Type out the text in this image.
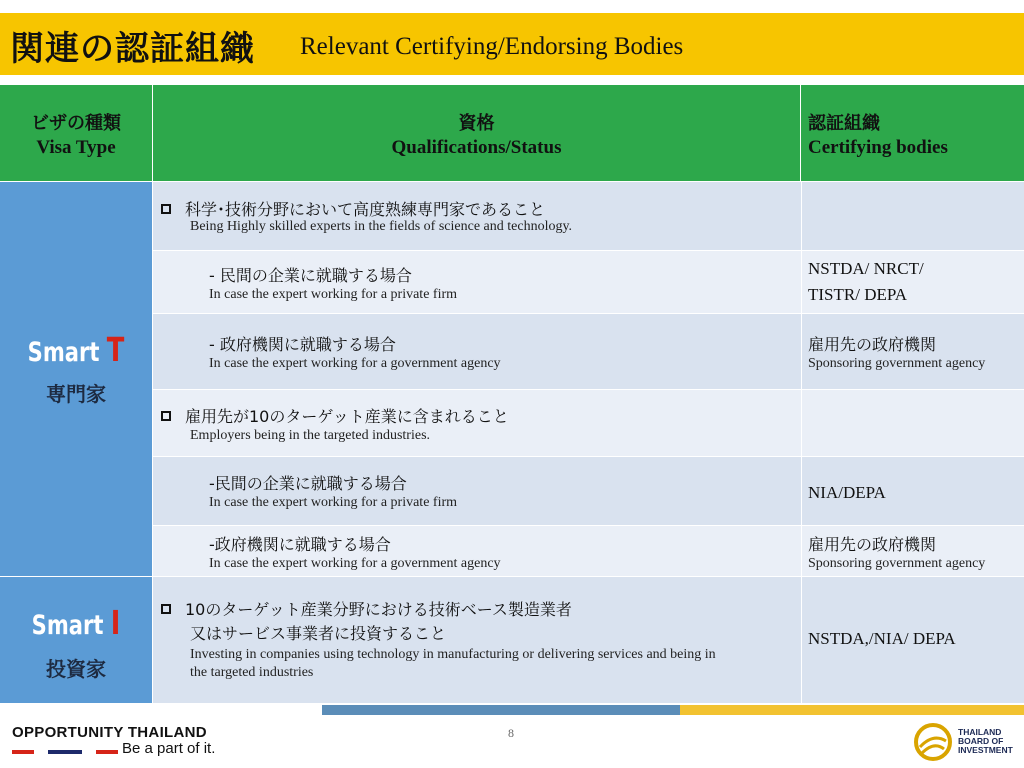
関連の認証組織 Relevant Certifying/Endorsing Bodies
ビザの種類
Visa Type
資格
Qualifications/Status
認証組織
Certifying bodies
Smart T
専門家
Smart I
投資家
科学･技術分野において高度熟練専門家であること
Being Highly skilled experts in the fields of science and technology.
- 民間の企業に就職する場合
In case the expert working for a private firm
NSTDA/ NRCT/
TISTR/ DEPA
- 政府機関に就職する場合
In case the expert working for a government agency
雇用先の政府機関
Sponsoring government agency
雇用先が10のターゲット産業に含まれること
Employers being in the targeted industries.
-民間の企業に就職する場合
In case the expert working for a private firm
NIA/DEPA
-政府機関に就職する場合
In case the expert working for a government agency
雇用先の政府機関
Sponsoring government agency
10のターゲット産業分野における技術ベース製造業者
又はサービス事業者に投資すること
Investing in companies using technology in manufacturing or delivering services and being in
the targeted industries
NSTDA,/NIA/ DEPA
OPPORTUNITY THAILAND
Be a part of it.
8	THAILAND
BOARD OF
INVESTMENT
